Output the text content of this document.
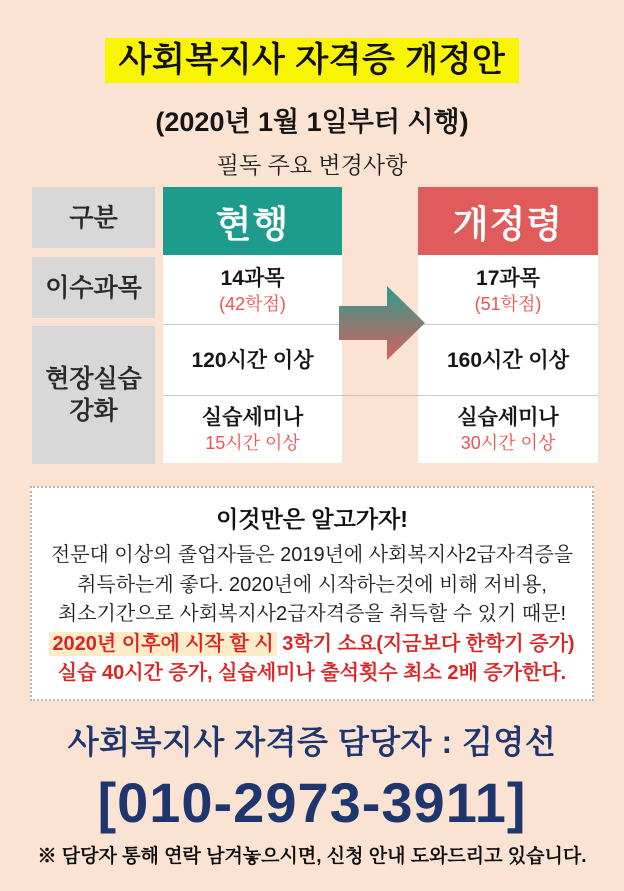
사회복지사 자격증 개정안
(2020년 1월 1일부터 시행)
필독 주요 변경사항
구분
이수과목
현장실습
강화
현행
14과목
(42학점)
120시간 이상
실습세미나
15시간 이상
개정령
17과목
(51학점)
160시간 이상
실습세미나
30시간 이상
이것만은 알고가자!
전문대 이상의 졸업자들은 2019년에 사회복지사2급자격증을
취득하는게 좋다. 2020년에 시작하는것에 비해 저비용,
최소기간으로 사회복지사2급자격증을 취득할 수 있기 때문!
2020년 이후에 시작 할 시 3학기 소요(지금보다 한학기 증가)
실습 40시간 증가, 실습세미나 출석횟수 최소 2배 증가한다.
사회복지사 자격증 담당자 : 김영선
[010-2973-3911]
※ 담당자 통해 연락 남겨놓으시면, 신청 안내 도와드리고 있습니다.
